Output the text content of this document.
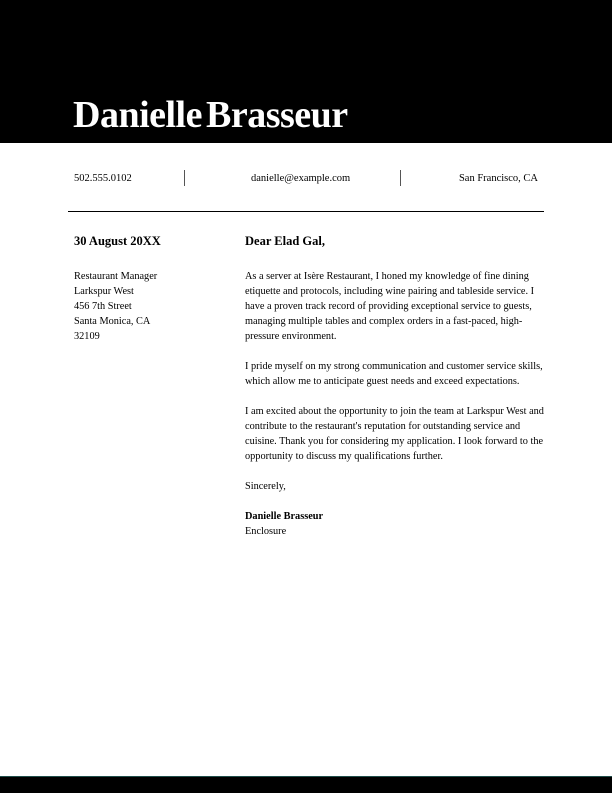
Danielle Brasseur
502.555.0102	danielle@example.com	San Francisco, CA
30 August 20XX
Restaurant Manager
Larkspur West
456 7th Street
Santa Monica, CA
32109
Dear Elad Gal,

As a server at Isère Restaurant, I honed my knowledge of fine dining etiquette and protocols, including wine pairing and tableside service. I have a proven track record of providing exceptional service to guests, managing multiple tables and complex orders in a fast-paced, high-pressure environment.

I pride myself on my strong communication and customer service skills, which allow me to anticipate guest needs and exceed expectations.

I am excited about the opportunity to join the team at Larkspur West and contribute to the restaurant's reputation for outstanding service and cuisine. Thank you for considering my application. I look forward to the opportunity to discuss my qualifications further.

Sincerely,

Danielle Brasseur

Enclosure
